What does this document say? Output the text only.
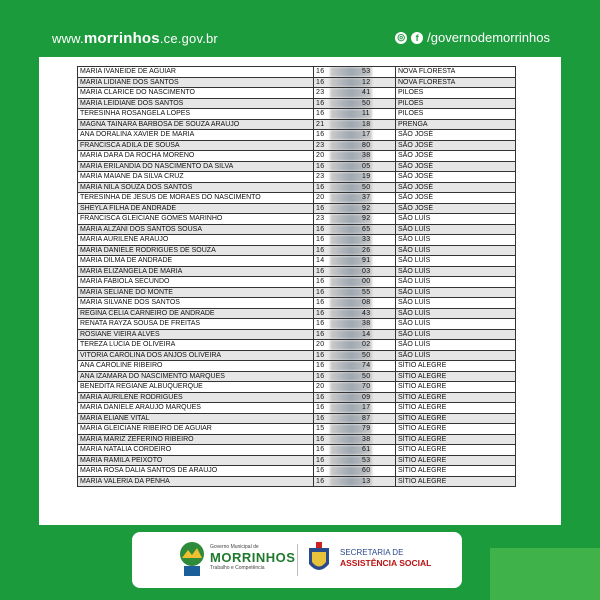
www.morrinhos.ce.gov.br	◎	f /governodemorrinhos
MARIA IVANEIDE DE AGUIAR	16 53	NOVA FLORESTA
MARIA LIDIANE DOS SANTOS	16 12	NOVA FLORESTA
MARIA CLARICE DO NASCIMENTO	23 41	PILOES
MARIA LEIDIANE DOS SANTOS	16 50	PILOES
TERESINHA ROSANGELA LOPES	16 11	PILOES
MAGNA TAINARA BARBOSA DE SOUZA ARAUJO	21 18	PRENGA
ANA DORALINA XAVIER DE MARIA	16 17	SÃO JOSÉ
FRANCISCA ADILA DE SOUSA	23 80	SÃO JOSÉ
MARIA DARA DA ROCHA MORENO	20 38	SÃO JOSÉ
MARIA ERILANDIA DO NASCIMENTO DA SILVA	16 05	SÃO JOSÉ
MARIA MAIANE DA SILVA CRUZ	23 19	SÃO JOSÉ
MARIA NILA SOUZA DOS SANTOS	16 50	SÃO JOSÉ
TERESINHA DE JESUS DE MORAES DO NASCIMENTO	20 37	SÃO JOSÉ
SHEYLA FILHA DE ANDRADE	16 92	SÃO JOSÉ
FRANCISCA GLEICIANE GOMES MARINHO	23 92	SÃO LUÍS
MARIA ALZANI DOS SANTOS SOUSA	16 65	SÃO LUÍS
MARIA AURILENE ARAUJO	16 33	SÃO LUÍS
MARIA DANIELE RODRIGUES DE SOUZA	16 26	SÃO LUÍS
MARIA DILMA DE ANDRADE	14 91	SÃO LUÍS
MARIA ELIZANGELA DE MARIA	16 03	SÃO LUÍS
MARIA FABIOLA SECUNDO	16 00	SÃO LUÍS
MARIA SELIANE DO MONTE	16 55	SÃO LUÍS
MARIA SILVANE DOS SANTOS	16 08	SÃO LUÍS
REGINA CELIA CARNEIRO DE ANDRADE	16 43	SÃO LUÍS
RENATA RAYZA SOUSA DE FREITAS	16 38	SÃO LUÍS
ROSIANE VIEIRA ALVES	16 14	SÃO LUÍS
TEREZA LUCIA DE OLIVEIRA	20 02	SÃO LUÍS
VITORIA CAROLINA DOS ANJOS OLIVEIRA	16 50	SÃO LUÍS
ANA CAROLINE RIBEIRO	16 74	SÍTIO ALEGRE
ANA IZAMARA DO NASCIMENTO MARQUES	16 50	SÍTIO ALEGRE
BENEDITA REGIANE ALBUQUERQUE	20 70	SÍTIO ALEGRE
MARIA AURILENE RODRIGUES	16 09	SÍTIO ALEGRE
MARIA DANIELE ARAUJO MARQUES	16 17	SÍTIO ALEGRE
MARIA ELIANE VITAL	16 87	SÍTIO ALEGRE
MARIA GLEICIANE RIBEIRO DE AGUIAR	15 79	SÍTIO ALEGRE
MARIA MARIZ ZEFERINO RIBEIRO	16 38	SÍTIO ALEGRE
MARIA NATALIA CORDEIRO	16 61	SÍTIO ALEGRE
MARIA RAMILA PEIXOTO	16 53	SÍTIO ALEGRE
MARIA ROSA DALIA SANTOS DE ARAUJO	16 60	SÍTIO ALEGRE
MARIA VALERIA DA PENHA	16 13	SÍTIO ALEGRE
Governo Municipal de
MORRINHOS
Trabalho e Competência
SECRETARIA DE
ASSISTÊNCIA SOCIAL
